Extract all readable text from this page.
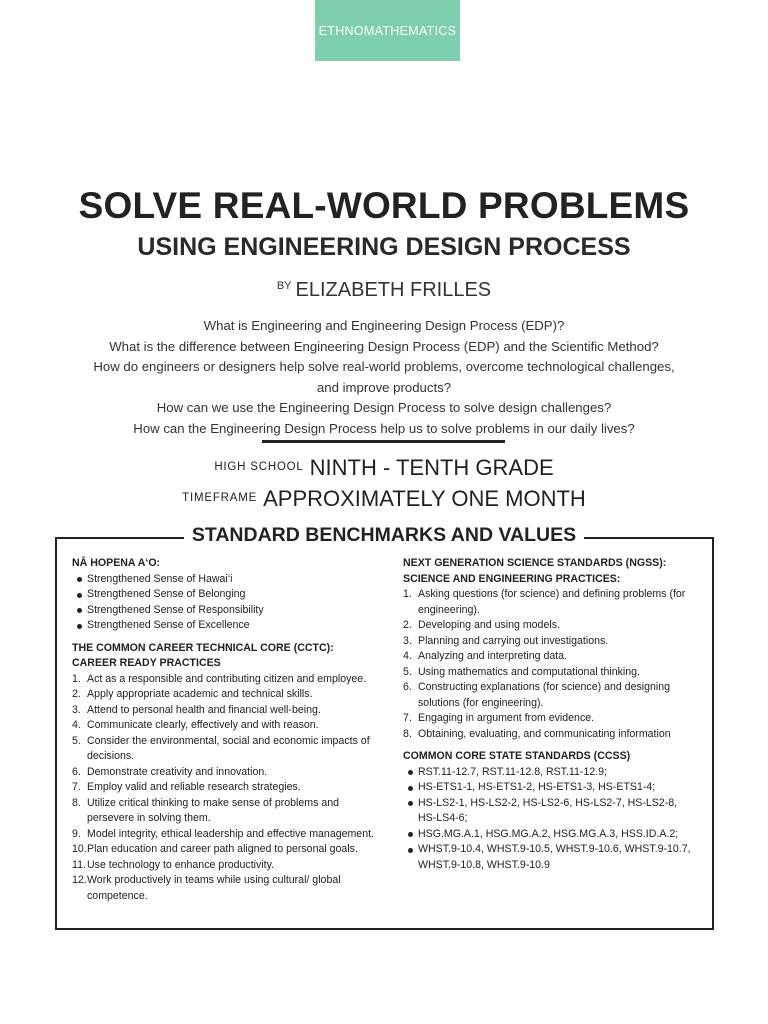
ETHNOMATHEMATICS
SOLVE REAL-WORLD PROBLEMS
USING ENGINEERING DESIGN PROCESS
$^{BY}$ ELIZABETH FRILLES
What is Engineering and Engineering Design Process (EDP)?
What is the difference between Engineering Design Process (EDP) and the Scientific Method?
How do engineers or designers help solve real-world problems, overcome technological challenges, and improve products?
How can we use the Engineering Design Process to solve design challenges?
How can the Engineering Design Process help us to solve problems in our daily lives?
$^{HIGH SCHOOL}$ NINTH - TENTH GRADE
$^{TIMEFRAME}$ APPROXIMATELY ONE MONTH
STANDARD BENCHMARKS AND VALUES

NĀ HOPENA A‘O:

Strengthened Sense of Hawai‘i
Strengthened Sense of Belonging
Strengthened Sense of Responsibility
Strengthened Sense of Excellence

THE COMMON CAREER TECHNICAL CORE (CCTC):

CAREER READY PRACTICES

1. Act as a responsible and contributing citizen and employee.
2. Apply appropriate academic and technical skills.
3. Attend to personal health and financial well-being.
4. Communicate clearly, effectively and with reason.
5. Consider the environmental, social and economic impacts of decisions.
6. Demonstrate creativity and innovation.
7. Employ valid and reliable research strategies.
8. Utilize critical thinking to make sense of problems and persevere in solving them.
9. Model integrity, ethical leadership and effective management.
10. Plan education and career path aligned to personal goals.
11. Use technology to enhance productivity.
12. Work productively in teams while using cultural/ global competence.

NEXT GENERATION SCIENCE STANDARDS (NGSS):

SCIENCE AND ENGINEERING PRACTICES:

1. Asking questions (for science) and defining problems (for engineering).
2. Developing and using models.
3. Planning and carrying out investigations.
4. Analyzing and interpreting data.
5. Using mathematics and computational thinking.
6. Constructing explanations (for science) and designing solutions (for engineering).
7. Engaging in argument from evidence.
8. Obtaining, evaluating, and communicating information

COMMON CORE STATE STANDARDS (CCSS)

RST.11-12.7, RST.11-12.8, RST.11-12.9;
HS-ETS1-1, HS-ETS1-2, HS-ETS1-3, HS-ETS1-4;
HS-LS2-1, HS-LS2-2, HS-LS2-6, HS-LS2-7, HS-LS2-8, HS-LS4-6;
HSG.MG.A.1, HSG.MG.A.2, HSG.MG.A.3, HSS.ID.A.2;
WHST.9-10.4, WHST.9-10.5, WHST.9-10.6, WHST.9-10.7, WHST.9-10.8, WHST.9-10.9
